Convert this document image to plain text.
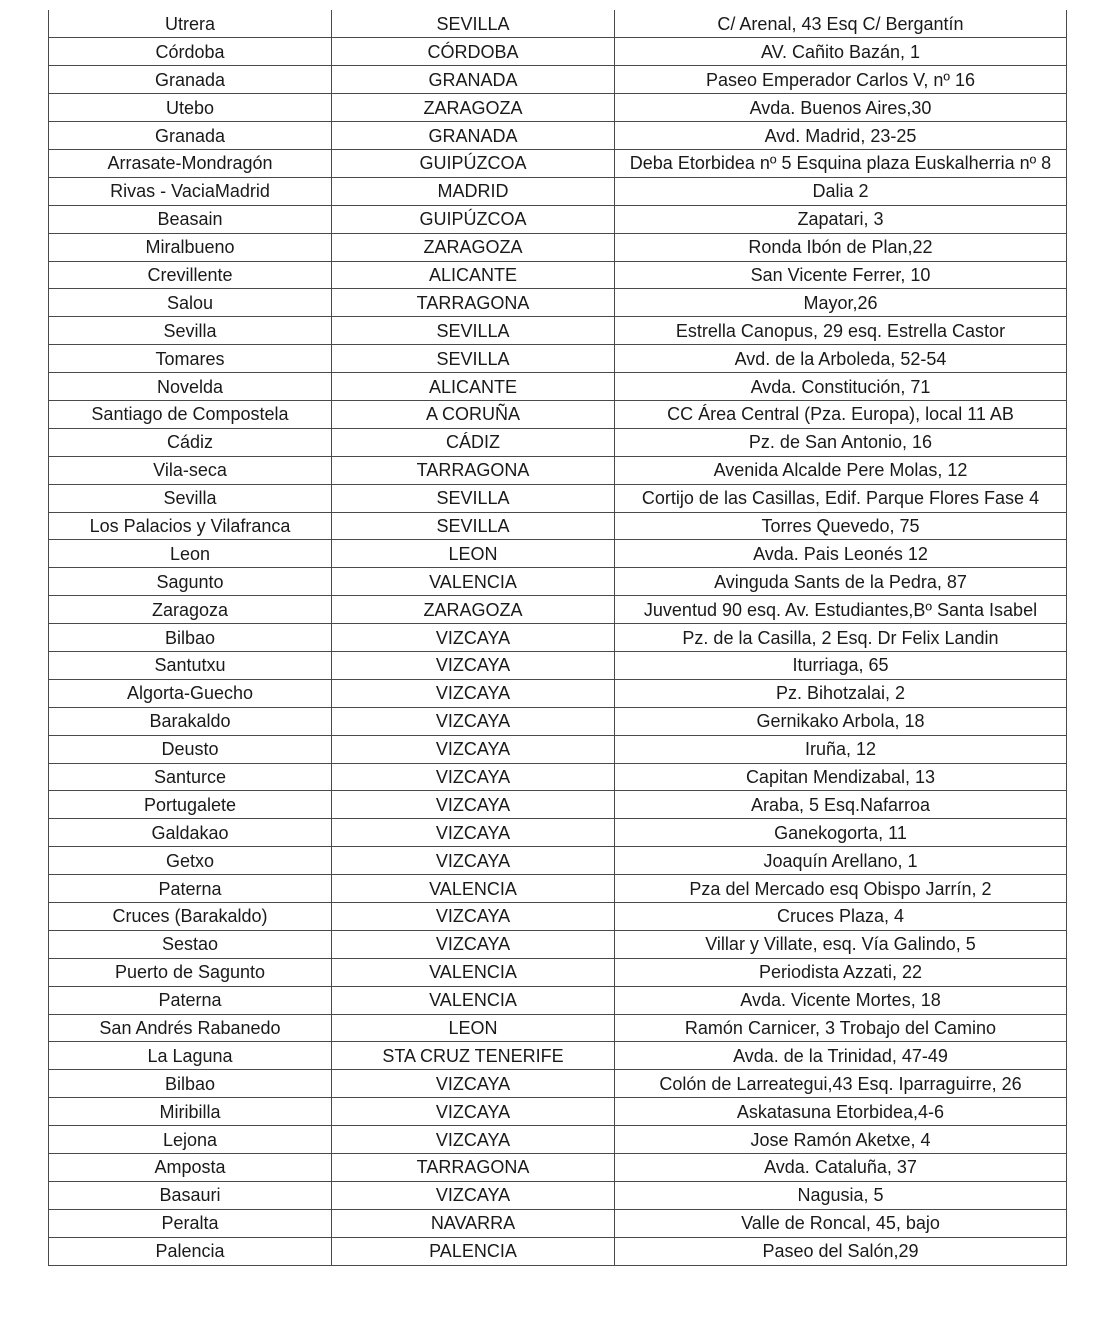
Utrera	SEVILLA	C/ Arenal, 43 Esq C/ Bergantín
Córdoba	CÓRDOBA	AV. Cañito Bazán, 1
Granada	GRANADA	Paseo Emperador Carlos V, nº 16
Utebo	ZARAGOZA	Avda. Buenos Aires,30
Granada	GRANADA	Avd. Madrid, 23-25
Arrasate-Mondragón	GUIPÚZCOA	Deba Etorbidea nº 5 Esquina plaza Euskalherria nº 8
Rivas - VaciaMadrid	MADRID	Dalia 2
Beasain	GUIPÚZCOA	Zapatari, 3
Miralbueno	ZARAGOZA	Ronda Ibón de Plan,22
Crevillente	ALICANTE	San Vicente Ferrer, 10
Salou	TARRAGONA	Mayor,26
Sevilla	SEVILLA	Estrella Canopus, 29 esq. Estrella Castor
Tomares	SEVILLA	Avd. de la Arboleda, 52-54
Novelda	ALICANTE	Avda. Constitución, 71
Santiago de Compostela	A CORUÑA	CC Área Central (Pza. Europa), local 11 AB
Cádiz	CÁDIZ	Pz. de San Antonio, 16
Vila-seca	TARRAGONA	Avenida Alcalde Pere Molas, 12
Sevilla	SEVILLA	Cortijo de las Casillas, Edif. Parque Flores Fase 4
Los Palacios y Vilafranca	SEVILLA	Torres Quevedo, 75
Leon	LEON	Avda. Pais Leonés 12
Sagunto	VALENCIA	Avinguda Sants de la Pedra, 87
Zaragoza	ZARAGOZA	Juventud 90 esq. Av. Estudiantes,Bº Santa Isabel
Bilbao	VIZCAYA	Pz. de la Casilla, 2 Esq. Dr Felix Landin
Santutxu	VIZCAYA	Iturriaga, 65
Algorta-Guecho	VIZCAYA	Pz. Bihotzalai, 2
Barakaldo	VIZCAYA	Gernikako Arbola, 18
Deusto	VIZCAYA	Iruña, 12
Santurce	VIZCAYA	Capitan Mendizabal, 13
Portugalete	VIZCAYA	Araba, 5 Esq.Nafarroa
Galdakao	VIZCAYA	Ganekogorta, 11
Getxo	VIZCAYA	Joaquín Arellano, 1
Paterna	VALENCIA	Pza del Mercado esq Obispo Jarrín, 2
Cruces (Barakaldo)	VIZCAYA	Cruces Plaza, 4
Sestao	VIZCAYA	Villar y Villate, esq. Vía Galindo, 5
Puerto de Sagunto	VALENCIA	Periodista Azzati, 22
Paterna	VALENCIA	Avda. Vicente Mortes, 18
San Andrés Rabanedo	LEON	Ramón Carnicer, 3 Trobajo del Camino
La Laguna	STA CRUZ TENERIFE	Avda. de la Trinidad, 47-49
Bilbao	VIZCAYA	Colón de Larreategui,43 Esq. Iparraguirre, 26
Miribilla	VIZCAYA	Askatasuna Etorbidea,4-6
Lejona	VIZCAYA	Jose Ramón Aketxe, 4
Amposta	TARRAGONA	Avda. Cataluña, 37
Basauri	VIZCAYA	Nagusia, 5
Peralta	NAVARRA	Valle de Roncal, 45, bajo
Palencia	PALENCIA	Paseo del Salón,29
